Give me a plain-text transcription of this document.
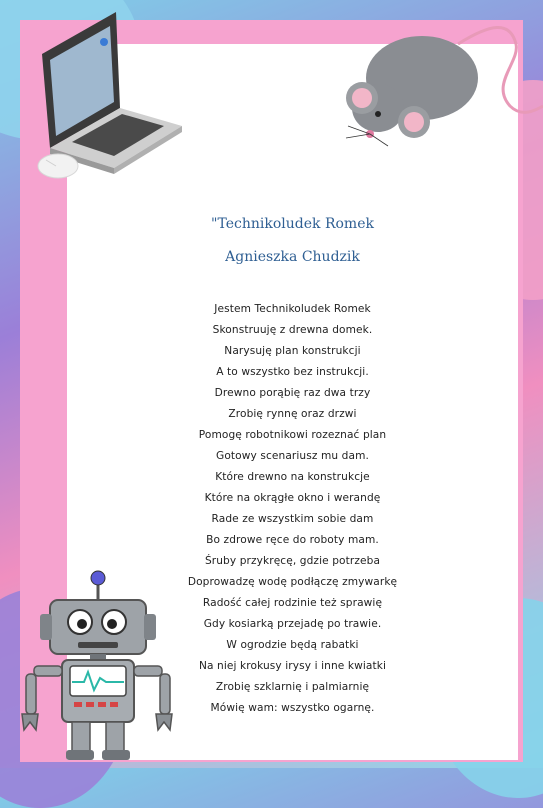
"Technikoludek Romek
Agnieszka Chudzik
Jestem Technikoludek Romek
Skonstruuję z drewna domek.
Narysuję plan konstrukcji
A to wszystko bez instrukcji.
Drewno porąbię raz dwa trzy
Zrobię rynnę oraz drzwi
Pomogę robotnikowi rozeznać plan
Gotowy scenariusz mu dam.
Które drewno na konstrukcje
Które na okrągłe okno i werandę
Rade ze wszystkim sobie dam
Bo zdrowe ręce do roboty mam.
Śruby przykręcę, gdzie potrzeba
Doprowadzę wodę podłączę zmywarkę
Radość całej rodzinie też sprawię
Gdy kosiarką przejadę po trawie.
W ogrodzie będą rabatki
Na niej krokusy irysy i inne kwiatki
Zrobię szklarnię i palmiarnię
Mówię wam: wszystko ogarnę.
